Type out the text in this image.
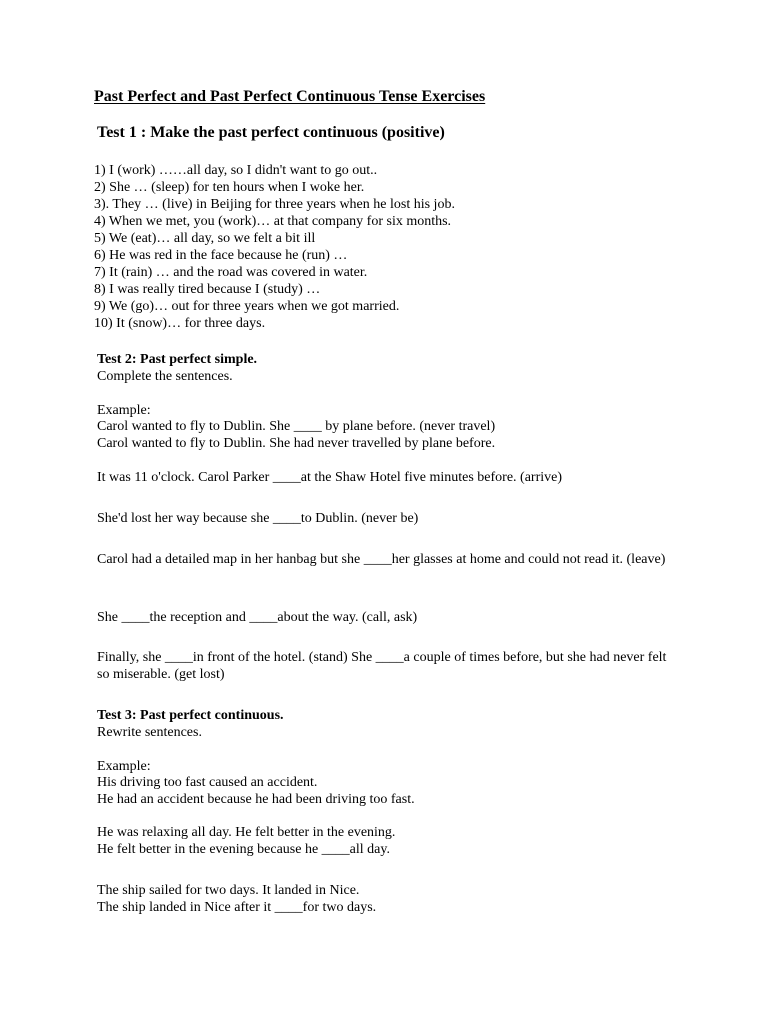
Past Perfect and Past Perfect Continuous Tense Exercises
Test 1 : Make the past perfect continuous (positive)
1) I (work) ……all day, so I didn't want to go out..
2) She … (sleep) for ten hours when I woke her.
3). They … (live) in Beijing for three years when he lost his job.
4) When we met, you (work)… at that company for six months.
5) We (eat)… all day, so we felt a bit ill
6) He was red in the face because he (run) …
7) It (rain) … and the road was covered in water.
8) I was really tired because I (study) …
9) We (go)… out for three years when we got married.
10) It (snow)… for three days.
Test 2: Past perfect simple.
Complete the sentences.
Example:
Carol wanted to fly to Dublin. She ____ by plane before. (never travel)
Carol wanted to fly to Dublin. She had never travelled by plane before.
It was 11 o'clock. Carol Parker ____at the Shaw Hotel five minutes before. (arrive)
She'd lost her way because she ____to Dublin. (never be)
Carol had a detailed map in her hanbag but she ____her glasses at home and could not read it. (leave)
She ____the reception and ____about the way. (call, ask)
Finally, she ____in front of the hotel. (stand) She ____a couple of times before, but she had never felt so miserable. (get lost)
Test 3: Past perfect continuous.
Rewrite sentences.
Example:
His driving too fast caused an accident.
He had an accident because he had been driving too fast.
He was relaxing all day. He felt better in the evening.
He felt better in the evening because he ____all day.
The ship sailed for two days. It landed in Nice.
The ship landed in Nice after it ____for two days.
